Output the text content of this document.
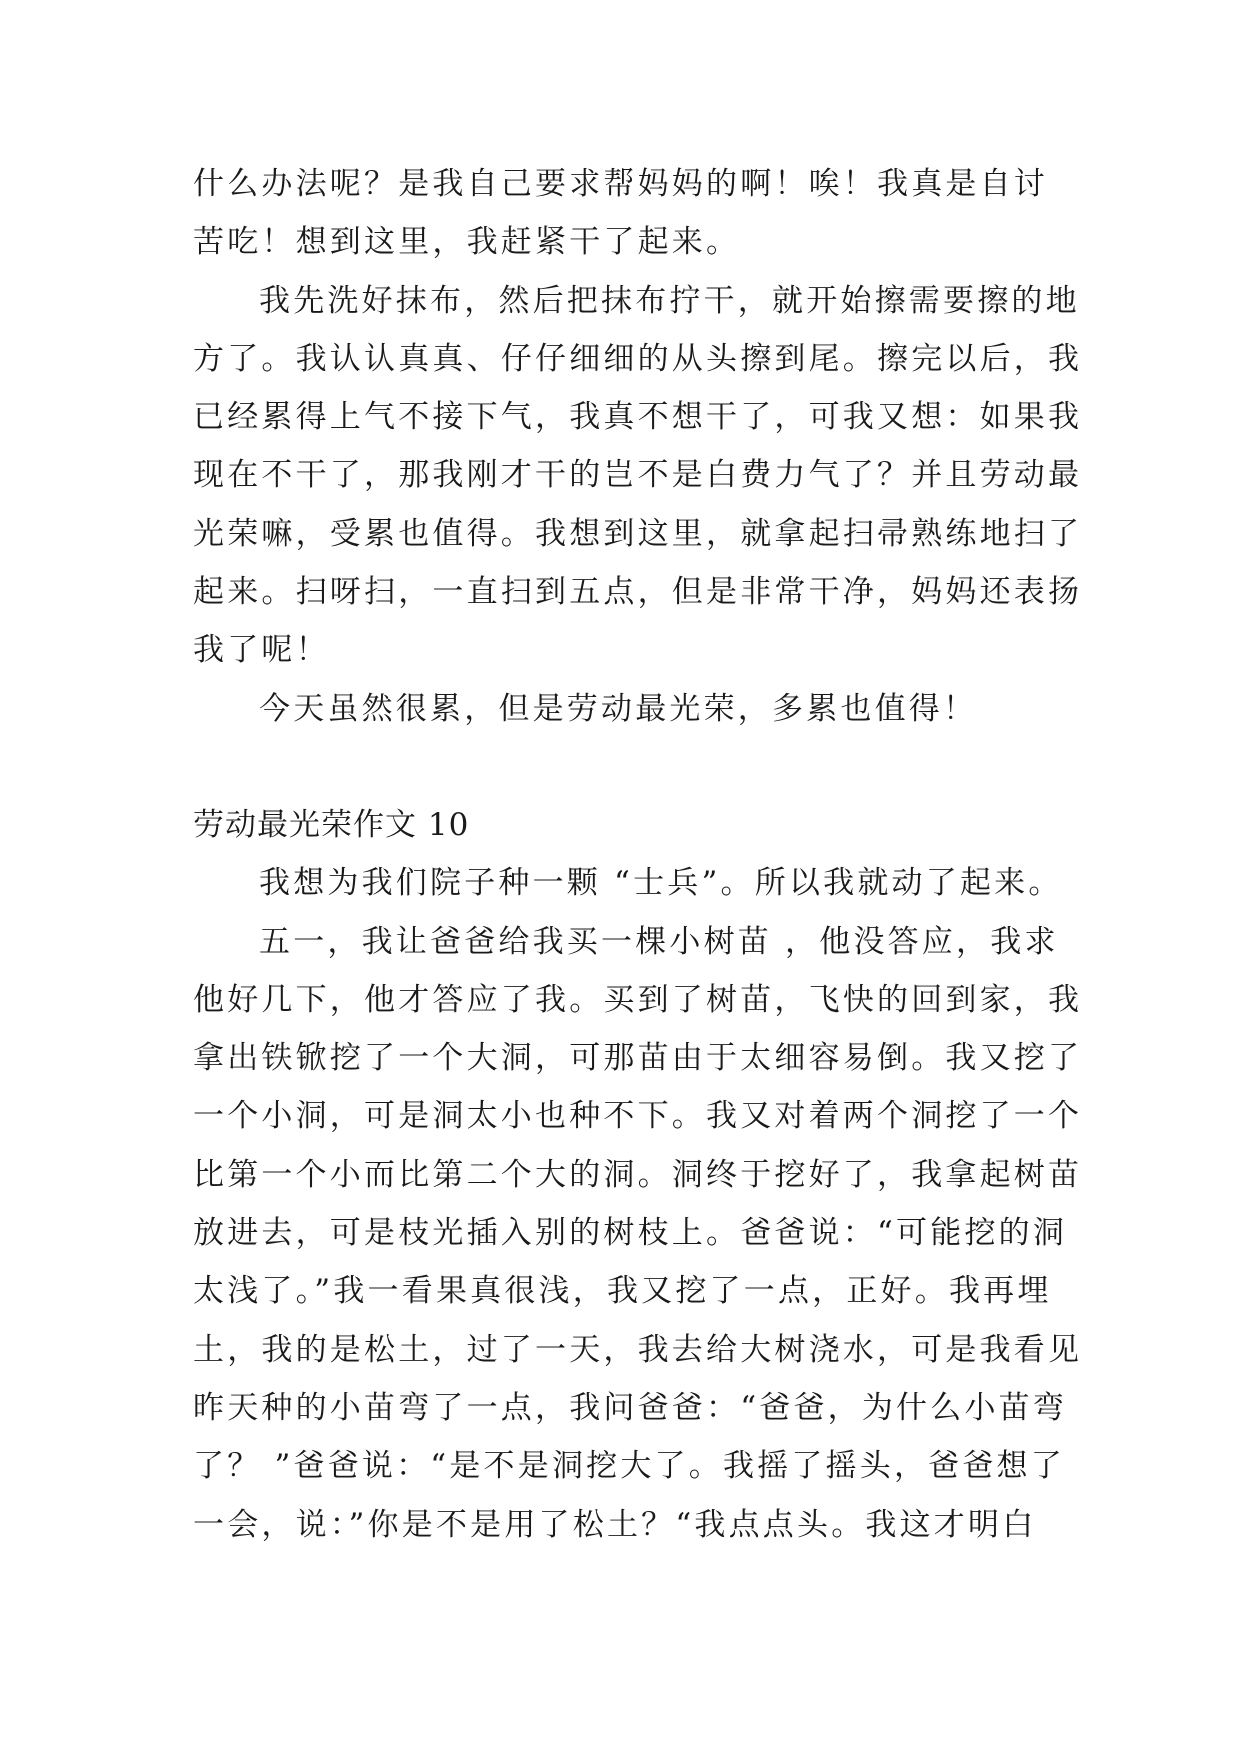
什么办法呢？是我自己要求帮妈妈的啊！唉！我真是自讨
苦吃！想到这里，我赶紧干了起来。
我先洗好抹布，然后把抹布拧干，就开始擦需要擦的地
方了。我认认真真、仔仔细细的从头擦到尾。擦完以后，我
已经累得上气不接下气，我真不想干了，可我又想：如果我
现在不干了，那我刚才干的岂不是白费力气了？并且劳动最
光荣嘛，受累也值得。我想到这里，就拿起扫帚熟练地扫了
起来。扫呀扫，一直扫到五点，但是非常干净，妈妈还表扬
我了呢！
今天虽然很累，但是劳动最光荣，多累也值得！
劳动最光荣作文 10
我想为我们院子种一颗 “士兵”。所以我就动了起来。
五一，我让爸爸给我买一棵小树苗 ，他没答应，我求
他好几下，他才答应了我。买到了树苗，飞快的回到家，我
拿出铁锨挖了一个大洞，可那苗由于太细容易倒。我又挖了
一个小洞，可是洞太小也种不下。我又对着两个洞挖了一个
比第一个小而比第二个大的洞。洞终于挖好了，我拿起树苗
放进去，可是枝光插入别的树枝上。爸爸说：“可能挖的洞
太浅了。”我一看果真很浅，我又挖了一点，正好。我再埋
土，我的是松土，过了一天，我去给大树浇水，可是我看见
昨天种的小苗弯了一点，我问爸爸：“爸爸，为什么小苗弯
了？ ”爸爸说：“是不是洞挖大了。我摇了摇头，爸爸想了
一会，说：”你是不是用了松土？“我点点头。我这才明白
